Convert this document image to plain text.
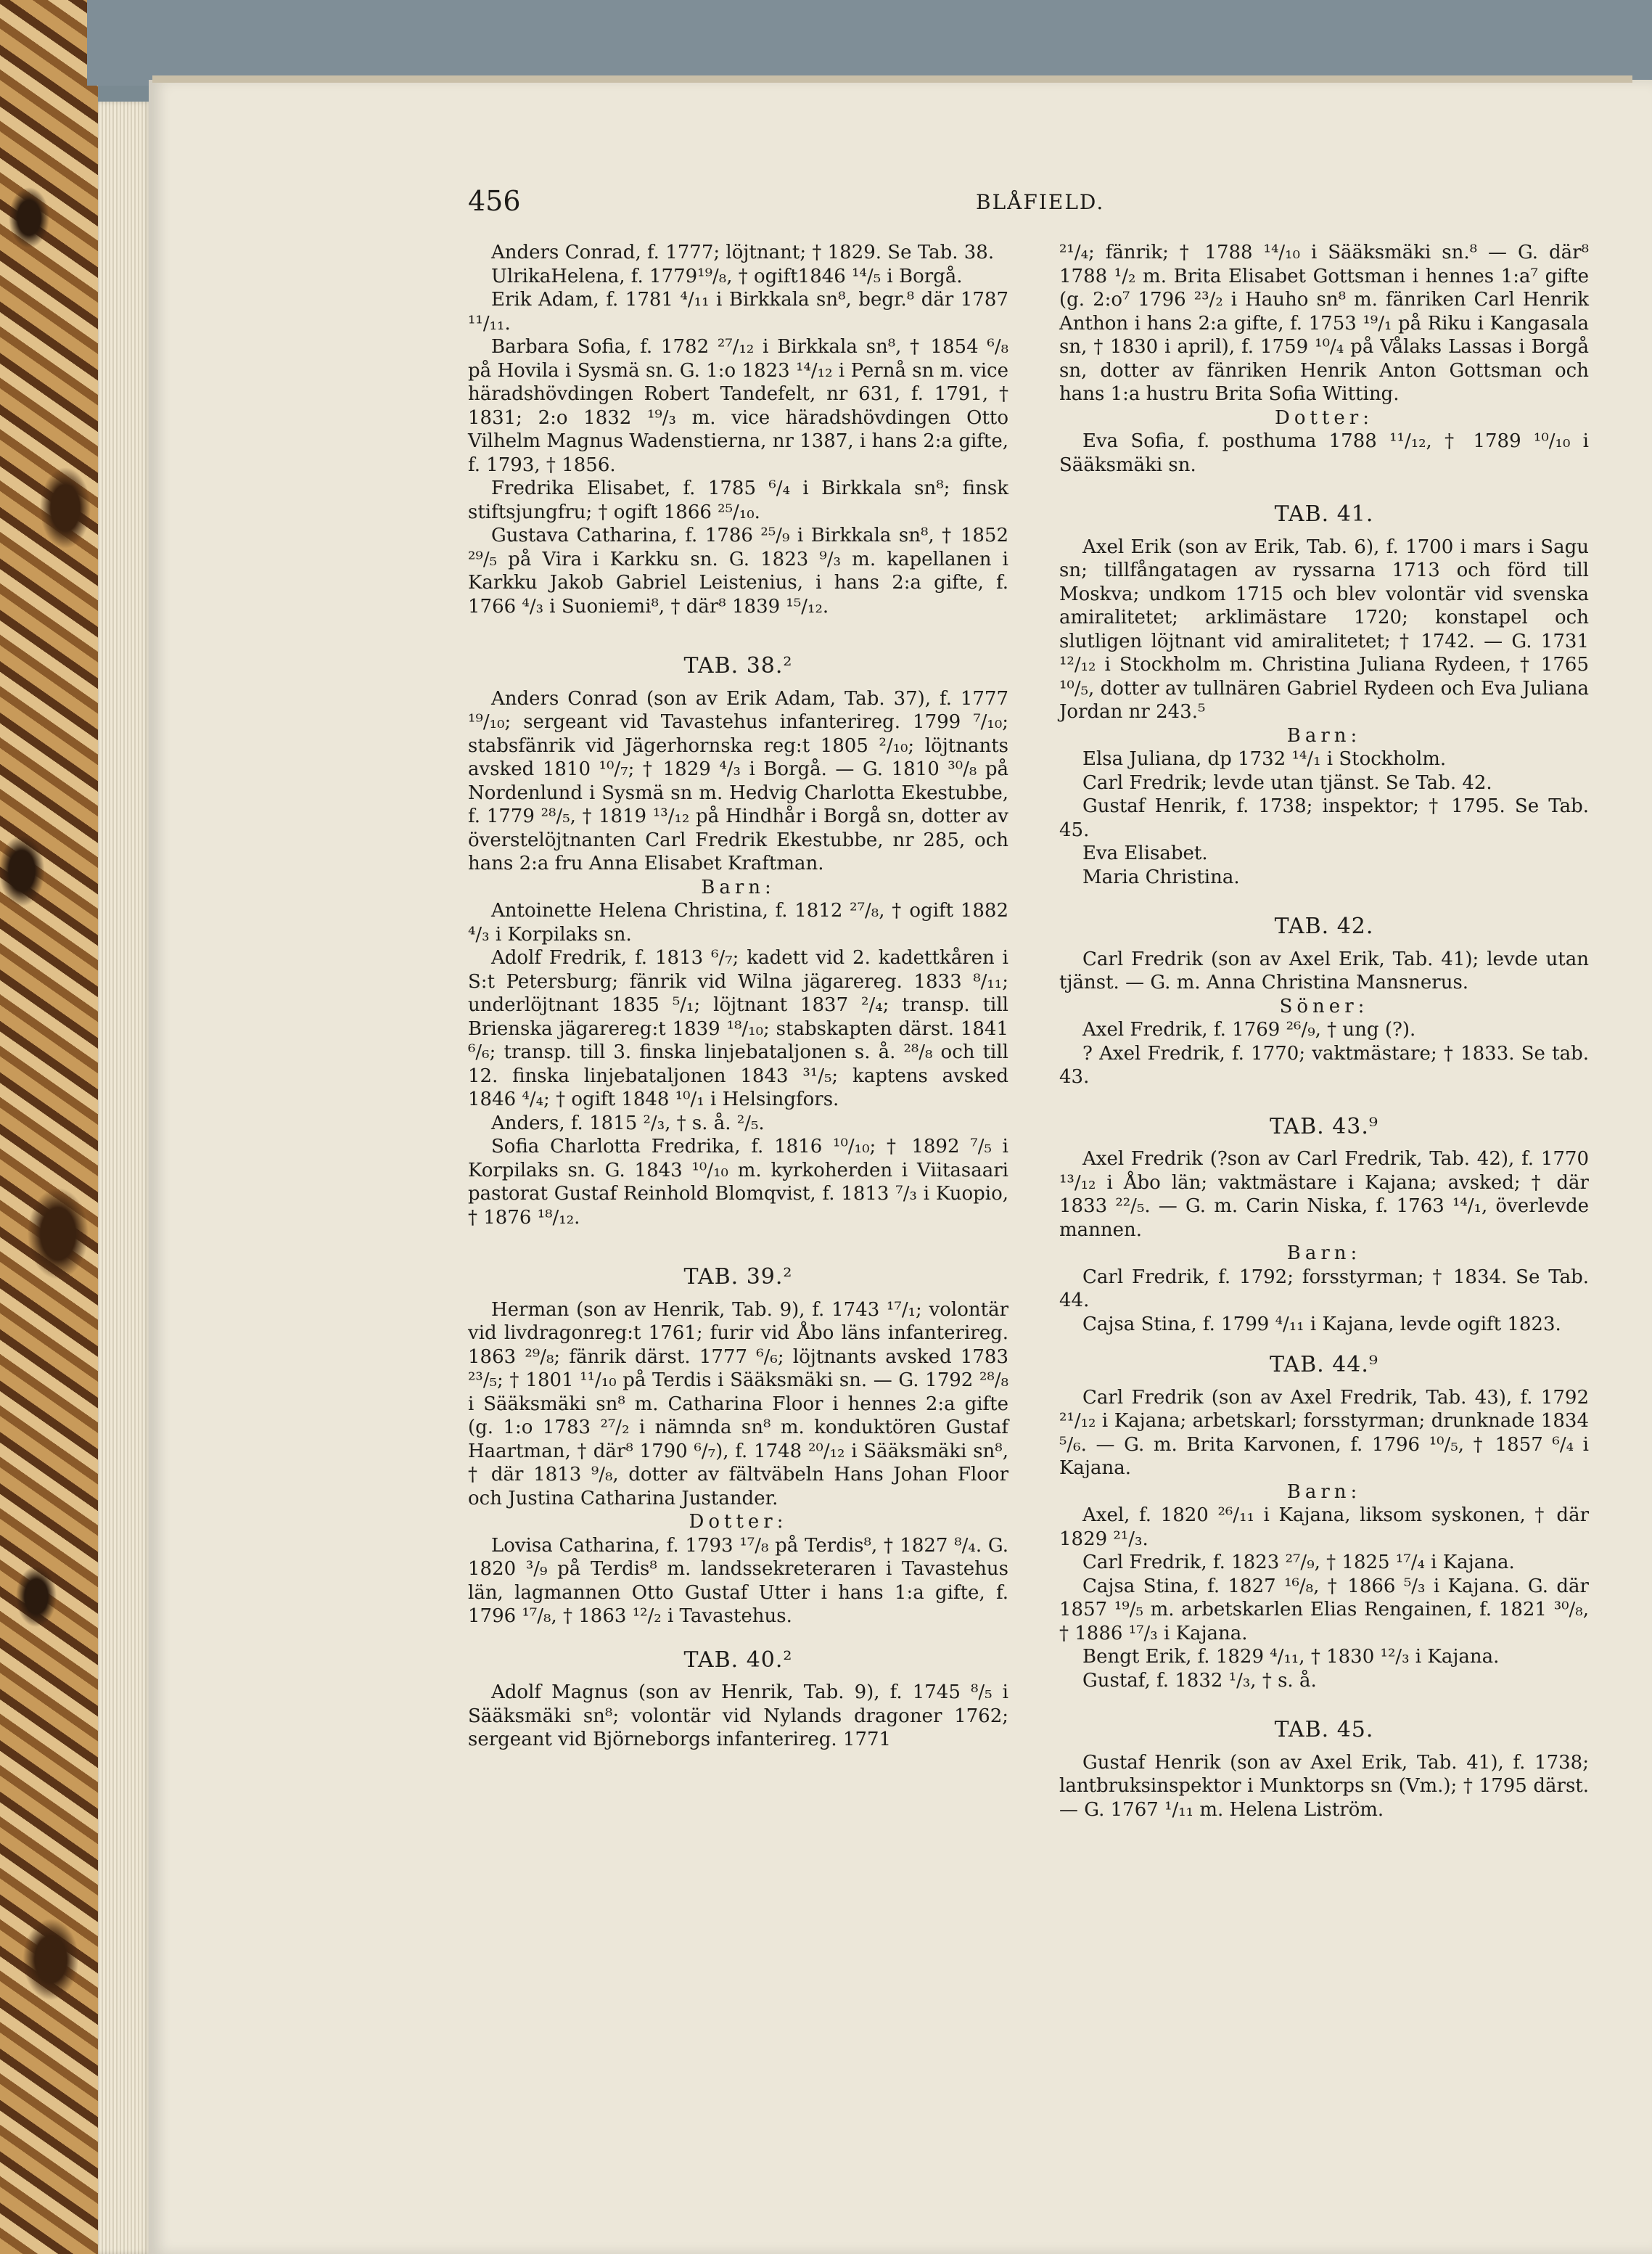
456	BLÅFIELD.

Anders Conrad, f. 1777; löjtnant; † 1829. Se Tab. 38.

UlrikaHelena, f. 1779¹⁹/₈, † ogift1846 ¹⁴/₅ i Borgå.

Erik Adam, f. 1781 ⁴/₁₁ i Birkkala sn⁸, begr.⁸ där 1787 ¹¹/₁₁.

Barbara Sofia, f. 1782 ²⁷/₁₂ i Birkkala sn⁸, † 1854 ⁶/₈ på Hovila i Sysmä sn. G. 1:o 1823 ¹⁴/₁₂ i Pernå sn m. vice häradshövdingen Robert Tandefelt, nr 631, f. 1791, † 1831; 2:o 1832 ¹⁹/₃ m. vice häradshövdingen Otto Vilhelm Magnus Wadenstierna, nr 1387, i hans 2:a gifte, f. 1793, † 1856.

Fredrika Elisabet, f. 1785 ⁶/₄ i Birkkala sn⁸; finsk stiftsjungfru; † ogift 1866 ²⁵/₁₀.

Gustava Catharina, f. 1786 ²⁵/₉ i Birkkala sn⁸, † 1852 ²⁹/₅ på Vira i Karkku sn. G. 1823 ⁹/₃ m. kapellanen i Karkku Jakob Gabriel Leistenius, i hans 2:a gifte, f. 1766 ⁴/₃ i Suoniemi⁸, † där⁸ 1839 ¹⁵/₁₂.

TAB. 38.²

Anders Conrad (son av Erik Adam, Tab. 37), f. 1777 ¹⁹/₁₀; sergeant vid Tavastehus infanterireg. 1799 ⁷/₁₀; stabsfänrik vid Jägerhornska reg:t 1805 ²/₁₀; löjtnants avsked 1810 ¹⁰/₇; † 1829 ⁴/₃ i Borgå. — G. 1810 ³⁰/₈ på Nordenlund i Sysmä sn m. Hedvig Charlotta Ekestubbe, f. 1779 ²⁸/₅, † 1819 ¹³/₁₂ på Hindhår i Borgå sn, dotter av överstelöjtnanten Carl Fredrik Ekestubbe, nr 285, och hans 2:a fru Anna Elisabet Kraftman.

Barn:

Antoinette Helena Christina, f. 1812 ²⁷/₈, † ogift 1882 ⁴/₃ i Korpilaks sn.

Adolf Fredrik, f. 1813 ⁶/₇; kadett vid 2. kadettkåren i S:t Petersburg; fänrik vid Wilna jägarereg. 1833 ⁸/₁₁; underlöjtnant 1835 ⁵/₁; löjtnant 1837 ²/₄; transp. till Brienska jägarereg:t 1839 ¹⁸/₁₀; stabskapten därst. 1841 ⁶/₆; transp. till 3. finska linjebataljonen s. å. ²⁸/₈ och till 12. finska linjebataljonen 1843 ³¹/₅; kaptens avsked 1846 ⁴/₄; † ogift 1848 ¹⁰/₁ i Helsingfors.

Anders, f. 1815 ²/₃, † s. å. ²/₅.

Sofia Charlotta Fredrika, f. 1816 ¹⁰/₁₀; † 1892 ⁷/₅ i Korpilaks sn. G. 1843 ¹⁰/₁₀ m. kyrkoherden i Viitasaari pastorat Gustaf Reinhold Blomqvist, f. 1813 ⁷/₃ i Kuopio, † 1876 ¹⁸/₁₂.

TAB. 39.²

Herman (son av Henrik, Tab. 9), f. 1743 ¹⁷/₁; volontär vid livdragonreg:t 1761; furir vid Åbo läns infanterireg. 1863 ²⁹/₈; fänrik därst. 1777 ⁶/₆; löjtnants avsked 1783 ²³/₅; † 1801 ¹¹/₁₀ på Terdis i Sääksmäki sn. — G. 1792 ²⁸/₈ i Sääksmäki sn⁸ m. Catharina Floor i hennes 2:a gifte (g. 1:o 1783 ²⁷/₂ i nämnda sn⁸ m. konduktören Gustaf Haartman, † där⁸ 1790 ⁶/₇), f. 1748 ²⁰/₁₂ i Sääksmäki sn⁸, † där 1813 ⁹/₈, dotter av fältväbeln Hans Johan Floor och Justina Catharina Justander.

Dotter:

Lovisa Catharina, f. 1793 ¹⁷/₈ på Terdis⁸, † 1827 ⁸/₄. G. 1820 ³/₉ på Terdis⁸ m. landssekreteraren i Tavastehus län, lagmannen Otto Gustaf Utter i hans 1:a gifte, f. 1796 ¹⁷/₈, † 1863 ¹²/₂ i Tavastehus.

TAB. 40.²

Adolf Magnus (son av Henrik, Tab. 9), f. 1745 ⁸/₅ i Sääksmäki sn⁸; volontär vid Nylands dragoner 1762; sergeant vid Björneborgs infanterireg. 1771

²¹/₄; fänrik; † 1788 ¹⁴/₁₀ i Sääksmäki sn.⁸ — G. där⁸ 1788 ¹/₂ m. Brita Elisabet Gottsman i hennes 1:a⁷ gifte (g. 2:o⁷ 1796 ²³/₂ i Hauho sn⁸ m. fänriken Carl Henrik Anthon i hans 2:a gifte, f. 1753 ¹⁹/₁ på Riku i Kangasala sn, † 1830 i april), f. 1759 ¹⁰/₄ på Vålaks Lassas i Borgå sn, dotter av fänriken Henrik Anton Gottsman och hans 1:a hustru Brita Sofia Witting.

Dotter:

Eva Sofia, f. posthuma 1788 ¹¹/₁₂, † 1789 ¹⁰/₁₀ i Sääksmäki sn.

TAB. 41.

Axel Erik (son av Erik, Tab. 6), f. 1700 i mars i Sagu sn; tillfångatagen av ryssarna 1713 och förd till Moskva; undkom 1715 och blev volontär vid svenska amiralitetet; arklimästare 1720; konstapel och slutligen löjtnant vid amiralitetet; † 1742. — G. 1731 ¹²/₁₂ i Stockholm m. Christina Juliana Rydeen, † 1765 ¹⁰/₅, dotter av tullnären Gabriel Rydeen och Eva Juliana Jordan nr 243.⁵

Barn:

Elsa Juliana, dp 1732 ¹⁴/₁ i Stockholm.

Carl Fredrik; levde utan tjänst. Se Tab. 42.

Gustaf Henrik, f. 1738; inspektor; † 1795. Se Tab. 45.

Eva Elisabet.

Maria Christina.

TAB. 42.

Carl Fredrik (son av Axel Erik, Tab. 41); levde utan tjänst. — G. m. Anna Christina Mansnerus.

Söner:

Axel Fredrik, f. 1769 ²⁶/₉, † ung (?).

? Axel Fredrik, f. 1770; vaktmästare; † 1833. Se tab. 43.

TAB. 43.⁹

Axel Fredrik (?son av Carl Fredrik, Tab. 42), f. 1770 ¹³/₁₂ i Åbo län; vaktmästare i Kajana; avsked; † där 1833 ²²/₅. — G. m. Carin Niska, f. 1763 ¹⁴/₁, överlevde mannen.

Barn:

Carl Fredrik, f. 1792; forsstyrman; † 1834. Se Tab. 44.

Cajsa Stina, f. 1799 ⁴/₁₁ i Kajana, levde ogift 1823.

TAB. 44.⁹

Carl Fredrik (son av Axel Fredrik, Tab. 43), f. 1792 ²¹/₁₂ i Kajana; arbetskarl; forsstyrman; drunknade 1834 ⁵/₆. — G. m. Brita Karvonen, f. 1796 ¹⁰/₅, † 1857 ⁶/₄ i Kajana.

Barn:

Axel, f. 1820 ²⁶/₁₁ i Kajana, liksom syskonen, † där 1829 ²¹/₃.

Carl Fredrik, f. 1823 ²⁷/₉, † 1825 ¹⁷/₄ i Kajana.

Cajsa Stina, f. 1827 ¹⁶/₈, † 1866 ⁵/₃ i Kajana. G. där 1857 ¹⁹/₅ m. arbetskarlen Elias Rengainen, f. 1821 ³⁰/₈, † 1886 ¹⁷/₃ i Kajana.

Bengt Erik, f. 1829 ⁴/₁₁, † 1830 ¹²/₃ i Kajana.

Gustaf, f. 1832 ¹/₃, † s. å.

TAB. 45.

Gustaf Henrik (son av Axel Erik, Tab. 41), f. 1738; lantbruksinspektor i Munktorps sn (Vm.); † 1795 därst. — G. 1767 ¹/₁₁ m. Helena Liström.
